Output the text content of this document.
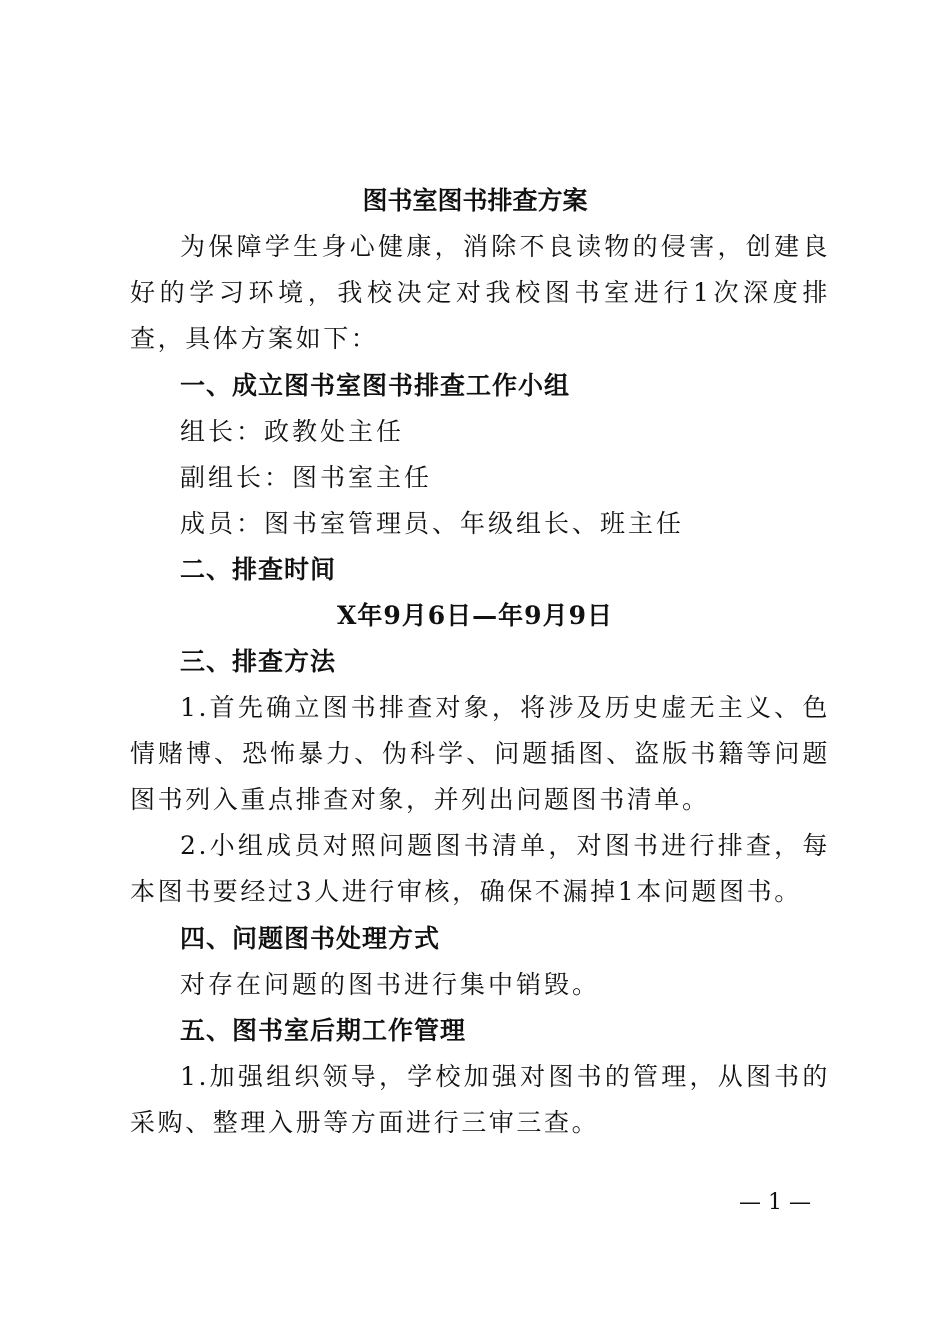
图书室图书排查方案

为保障学生身心健康，消除不良读物的侵害，创建良好的学习环境，我校决定对我校图书室进行1次深度排查，具体方案如下：

一、成立图书室图书排查工作小组
组长：政教处主任
副组长：图书室主任
成员：图书室管理员、年级组长、班主任
二、排查时间
X年9月6日—年9月9日
三、排查方法

1.首先确立图书排查对象，将涉及历史虚无主义、色情赌博、恐怖暴力、伪科学、问题插图、盗版书籍等问题图书列入重点排查对象，并列出问题图书清单。

2.小组成员对照问题图书清单，对图书进行排查，每本图书要经过3人进行审核，确保不漏掉1本问题图书。

四、问题图书处理方式
对存在问题的图书进行集中销毁。
五、图书室后期工作管理

1.加强组织领导，学校加强对图书的管理，从图书的采购、整理入册等方面进行三审三查。

— 1 —
